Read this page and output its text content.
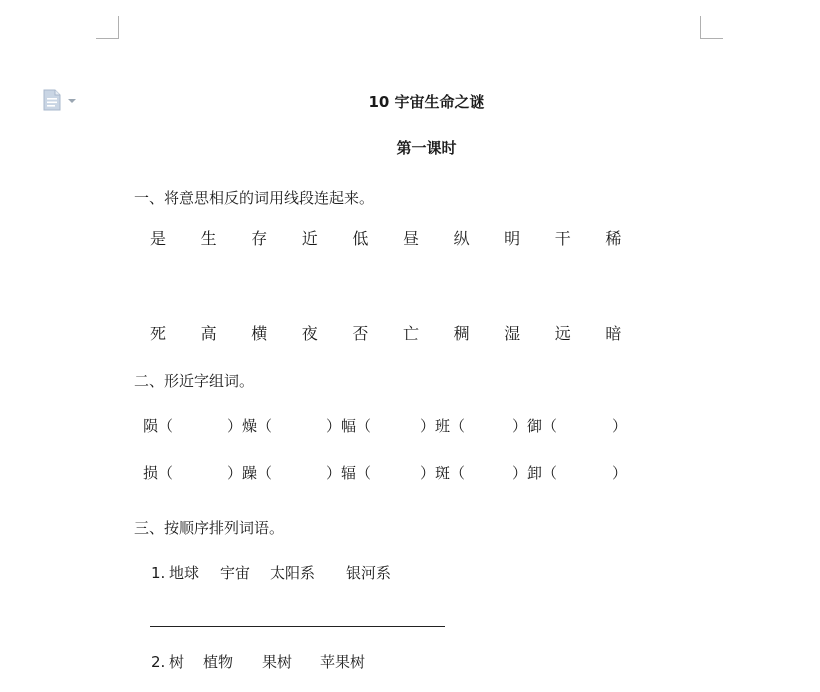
10 宇宙生命之谜
第一课时
一、将意思相反的词用线段连起来。
是	生	存	近	低	昼	纵	明	干	稀
死	高	横	夜	否	亡	稠	湿	远	暗
二、形近字组词。
陨（	）燥（	）幅（	）班（	）御（	）
损（	）躁（	）辐（	）斑（	）卸（	）
三、按顺序排列词语。
1. 地球 宇宙 太阳系 银河系
2. 树 植物 果树 苹果树
